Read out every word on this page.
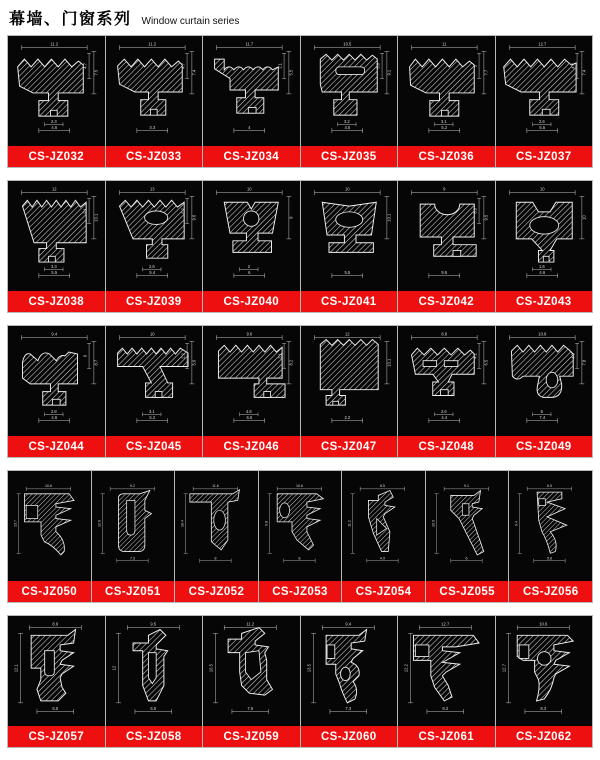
幕墙、门窗系列 Window curtain series
11.2
7.5
4.7
4.6
2.3
CS-JZ032
11.2
7.4
4.7
3.3
CS-JZ033
11.7
5.5
2.1
4
CS-JZ034
10.5
9.1
5.8
4.5
3.2
CS-JZ035
11
7.7
5
5.2
3.1
CS-JZ036
12.7
7.4
4.7
5.5
2.6
CS-JZ037
12
10.1
9.1
5.5
3.3
CS-JZ038
13
9.6
6.7
5.4
2.6
CS-JZ039
10
9
6
2
CS-JZ040
10
10.1
5.5
CS-JZ041
9
9.5
6.5
9.5
CS-JZ042
10
10
4.6
1.6
CS-JZ043
9.4
8.7
6
4.6
2.8
CS-JZ044
10
5.6
2.2
5.2
3.1
CS-JZ045
9.6
8.2
3.1
6.6
4.6
CS-JZ046
12
10.1
2.2
CS-JZ047
8.8
6.5
4.1
4.4
2.6
CS-JZ048
10.8
7.8
4.5
7.4
5
CS-JZ049
10.8
13.7
CS-JZ050
9.2
12.6
7.3
CS-JZ051
11.6
10.4
8
CS-JZ052
10.6
9.8
8
CS-JZ053
8.5
11.2
4.9
CS-JZ054
9.1
10.9
6
CS-JZ055
6.5
9.4
5.8
CS-JZ056
8.9
12.1
6.5
CS-JZ057
9.5
12
6.5
CS-JZ058
11.2
10.5
7.6
CS-JZ059
9.4
13.5
7.3
CS-JZ060
12.7
12.2
9.2
CS-JZ061
10.6
12.7
8.3
CS-JZ062
